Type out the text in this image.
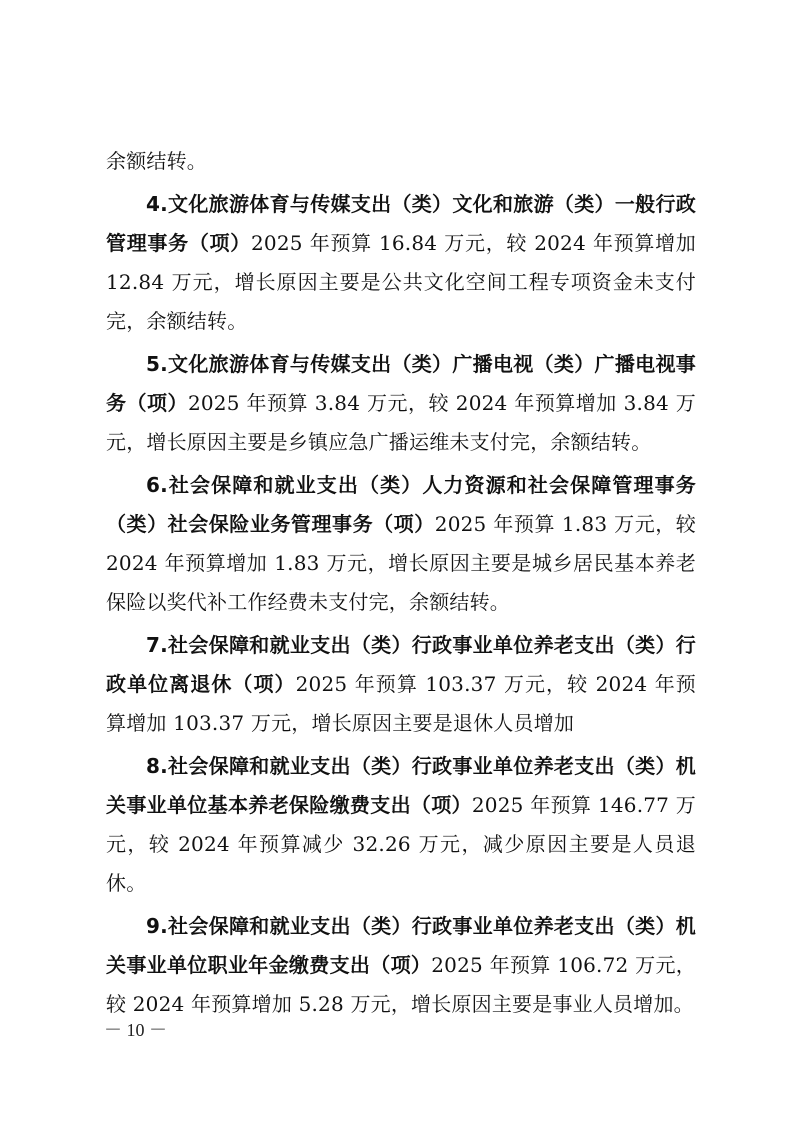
余额结转。

4.文化旅游体育与传媒支出（类）文化和旅游（类）一般行政管理事务（项）2025 年预算 16.84 万元，较 2024 年预算增加 12.84 万元，增长原因主要是公共文化空间工程专项资金未支付完，余额结转。

5.文化旅游体育与传媒支出（类）广播电视（类）广播电视事务（项）2025 年预算 3.84 万元，较 2024 年预算增加 3.84 万元，增长原因主要是乡镇应急广播运维未支付完，余额结转。

6.社会保障和就业支出（类）人力资源和社会保障管理事务（类）社会保险业务管理事务（项）2025 年预算 1.83 万元，较 2024 年预算增加 1.83 万元，增长原因主要是城乡居民基本养老保险以奖代补工作经费未支付完，余额结转。

7.社会保障和就业支出（类）行政事业单位养老支出（类）行政单位离退休（项）2025 年预算 103.37 万元，较 2024 年预算增加 103.37 万元，增长原因主要是退休人员增加

8.社会保障和就业支出（类）行政事业单位养老支出（类）机关事业单位基本养老保险缴费支出（项）2025 年预算 146.77 万元，较 2024 年预算减少 32.26 万元，减少原因主要是人员退休。

9.社会保障和就业支出（类）行政事业单位养老支出（类）机关事业单位职业年金缴费支出（项）2025 年预算 106.72 万元，较 2024 年预算增加 5.28 万元，增长原因主要是事业人员增加。

－ 10 －
